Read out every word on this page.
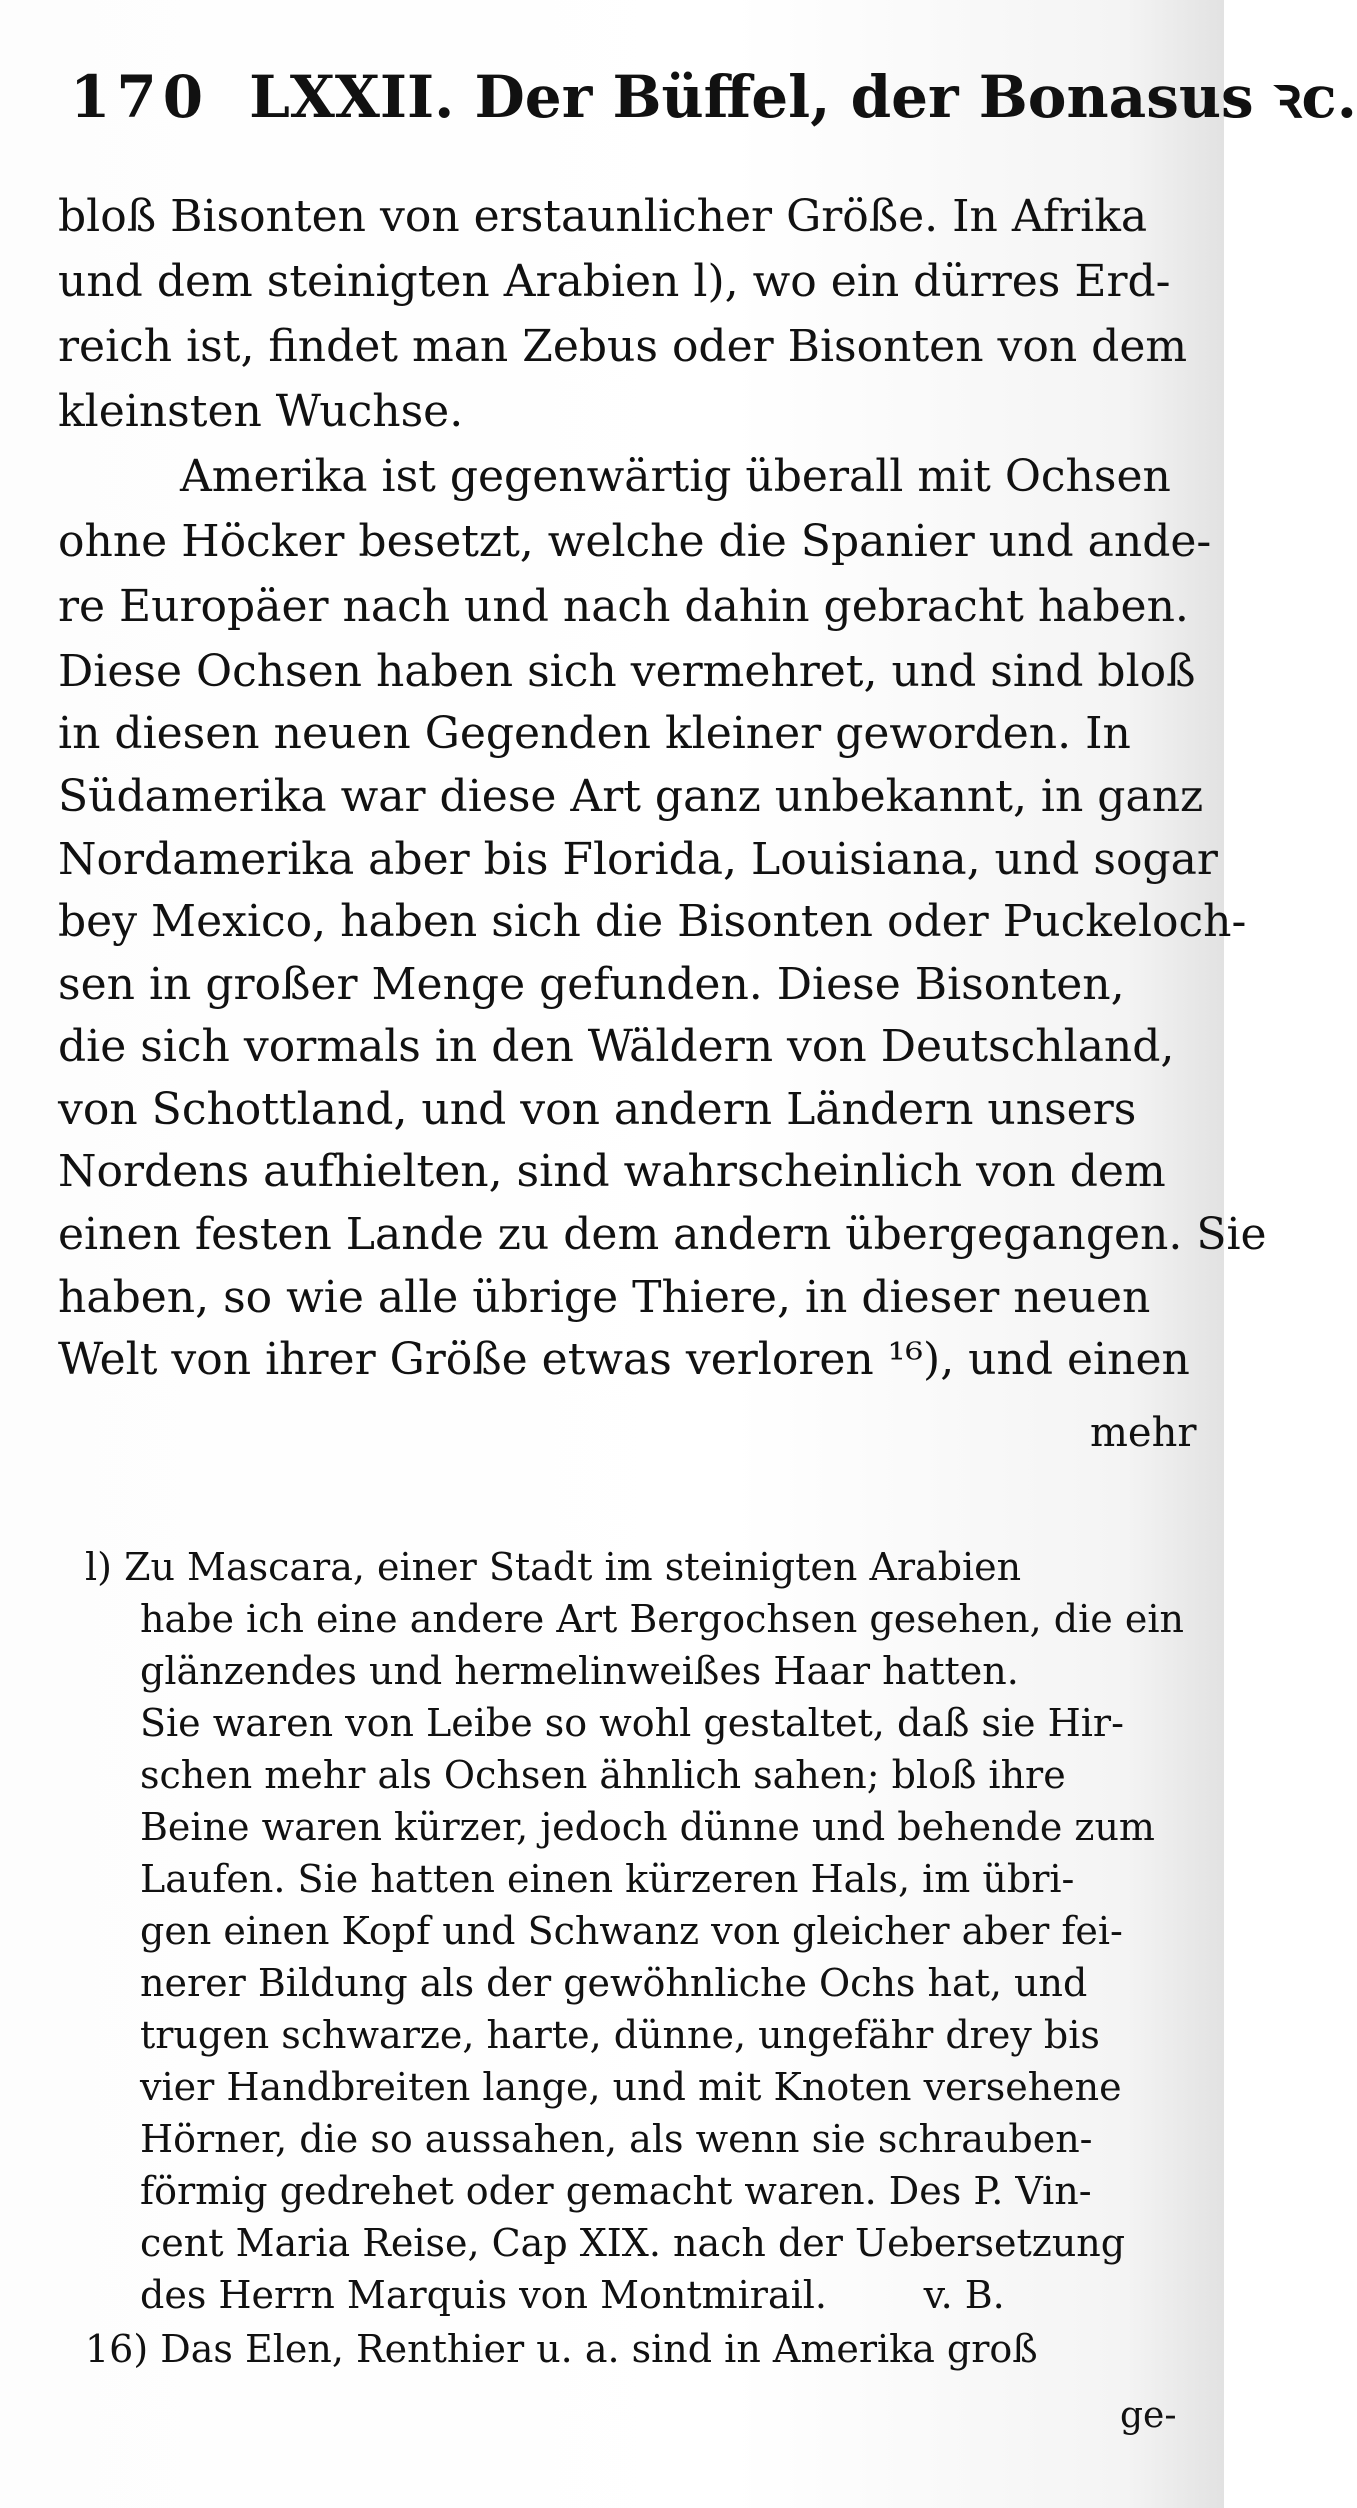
170 LXXII. Der Büffel, der Bonasus ꝛc.
bloß Bisonten von erstaunlicher Größe. In Afrika
und dem steinigten Arabien l), wo ein dürres Erd-
reich ist, findet man Zebus oder Bisonten von dem
kleinsten Wuchse.
Amerika ist gegenwärtig überall mit Ochsen
ohne Höcker besetzt, welche die Spanier und ande-
re Europäer nach und nach dahin gebracht haben.
Diese Ochsen haben sich vermehret, und sind bloß
in diesen neuen Gegenden kleiner geworden. In
Südamerika war diese Art ganz unbekannt, in ganz
Nordamerika aber bis Florida, Louisiana, und sogar
bey Mexico, haben sich die Bisonten oder Puckeloch-
sen in großer Menge gefunden. Diese Bisonten,
die sich vormals in den Wäldern von Deutschland,
von Schottland, und von andern Ländern unsers
Nordens aufhielten, sind wahrscheinlich von dem
einen festen Lande zu dem andern übergegangen. Sie
haben, so wie alle übrige Thiere, in dieser neuen
Welt von ihrer Größe etwas verloren ¹⁶), und einen
mehr
l) Zu Mascara, einer Stadt im steinigten Arabien
habe ich eine andere Art Bergochsen gesehen, die ein
glänzendes und hermelinweißes Haar hatten.
Sie waren von Leibe so wohl gestaltet, daß sie Hir-
schen mehr als Ochsen ähnlich sahen; bloß ihre
Beine waren kürzer, jedoch dünne und behende zum
Laufen. Sie hatten einen kürzeren Hals, im übri-
gen einen Kopf und Schwanz von gleicher aber fei-
nerer Bildung als der gewöhnliche Ochs hat, und
trugen schwarze, harte, dünne, ungefähr drey bis
vier Handbreiten lange, und mit Knoten versehene
Hörner, die so aussahen, als wenn sie schrauben-
förmig gedrehet oder gemacht waren. Des P. Vin-
cent Maria Reise, Cap XIX. nach der Uebersetzung
des Herrn Marquis von Montmirail.        v. B.
16) Das Elen, Renthier u. a. sind in Amerika groß
ge-
